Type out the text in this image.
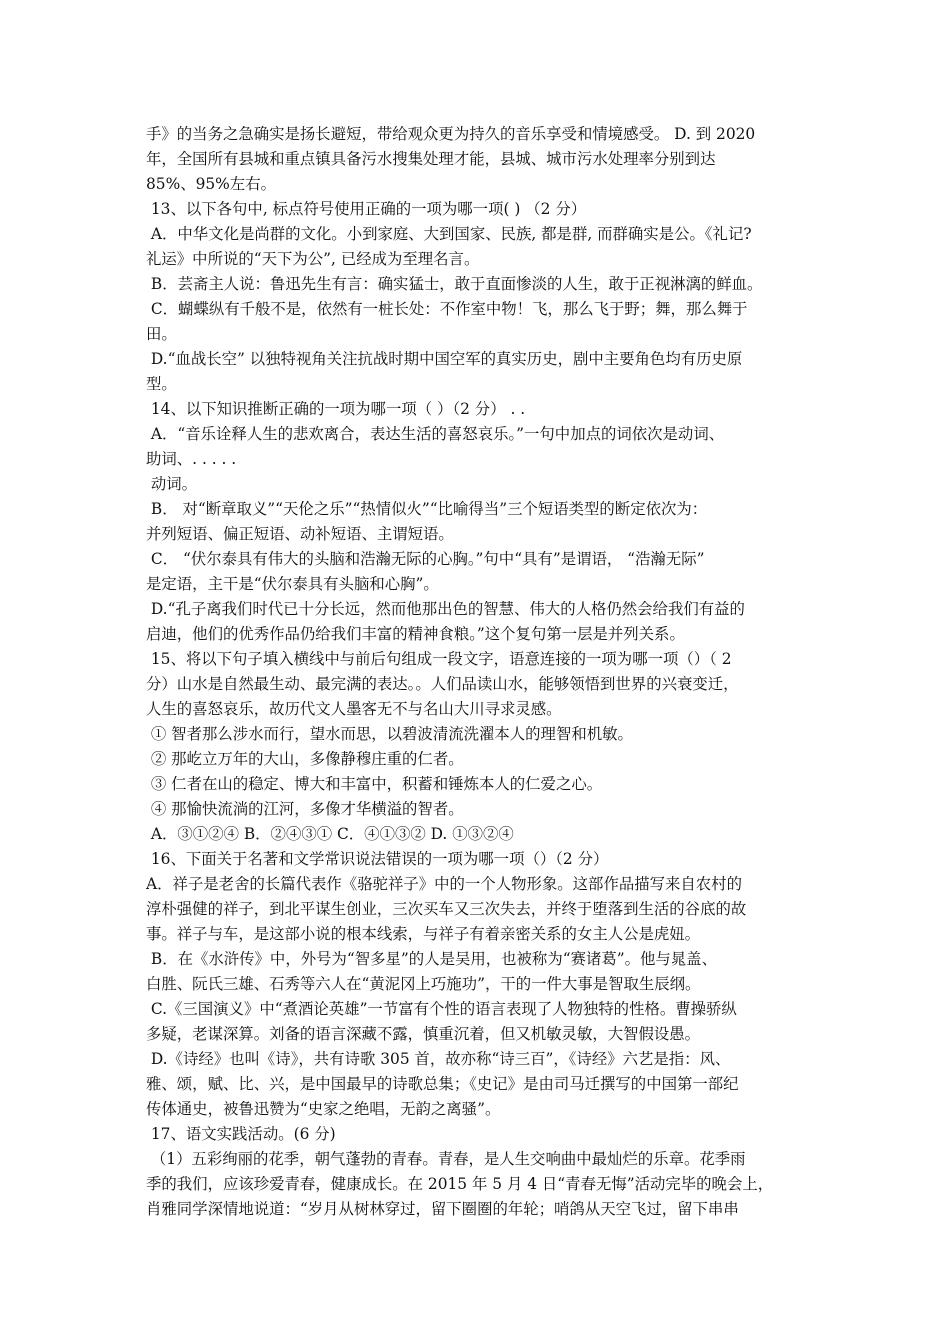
手》的当务之急确实是扬长避短，带给观众更为持久的音乐享受和情境感受。 D. 到 2020
年，全国所有县城和重点镇具备污水搜集处理才能，县城、城市污水处理率分别到达
85%、95%左右。
13、以下各句中, 标点符号使用正确的一项为哪一项( ) （2 分）
A．中华文化是尚群的文化。小到家庭、大到国家、民族, 都是群, 而群确实是公。《礼记?
礼运》中所说的“天下为公”, 已经成为至理名言。
B．芸斋主人说：鲁迅先生有言：确实猛士，敢于直面惨淡的人生，敢于正视淋漓的鲜血。
C．蝴蝶纵有千般不是，依然有一桩长处：不作室中物！飞，那么飞于野；舞，那么舞于
田。
D.“血战长空” 以独特视角关注抗战时期中国空军的真实历史，剧中主要角色均有历史原
型。
14、以下知识推断正确的一项为哪一项（ ）（2 分） . .
A．“音乐诠释人生的悲欢离合，表达生活的喜怒哀乐。”一句中加点的词依次是动词、
助词、. . . . .
动词。
B． 对“断章取义”“天伦之乐”“热情似火”“比喻得当”三个短语类型的断定依次为：
并列短语、偏正短语、动补短语、主谓短语。
C． “伏尔泰具有伟大的头脑和浩瀚无际的心胸。”句中“具有”是谓语， “浩瀚无际”
是定语，主干是“伏尔泰具有头脑和心胸”。
D.“孔子离我们时代已十分长远，然而他那出色的智慧、伟大的人格仍然会给我们有益的
启迪，他们的优秀作品仍给我们丰富的精神食粮。”这个复句第一层是并列关系。
15、将以下句子填入横线中与前后句组成一段文字，语意连接的一项为哪一项（）（ 2
分）山水是自然最生动、最完满的表达。。人们品读山水，能够领悟到世界的兴衰变迁，
人生的喜怒哀乐，故历代文人墨客无不与名山大川寻求灵感。
① 智者那么涉水而行，望水而思，以碧波清流洗濯本人的理智和机敏。
② 那屹立万年的大山，多像静穆庄重的仁者。
③ 仁者在山的稳定、博大和丰富中，积蓄和锤炼本人的仁爱之心。
④ 那愉快流淌的江河，多像才华横溢的智者。
A．③①②④ B．②④③① C．④①③② D. ①③②④
16、下面关于名著和文学常识说法错误的一项为哪一项（）（2 分）
A．祥子是老舍的长篇代表作《骆驼祥子》中的一个人物形象。这部作品描写来自农村的
淳朴强健的祥子，到北平谋生创业，三次买车又三次失去，并终于堕落到生活的谷底的故
事。祥子与车，是这部小说的根本线索，与祥子有着亲密关系的女主人公是虎妞。
B．在《水浒传》中，外号为“智多星”的人是吴用，也被称为“赛诸葛”。他与晁盖、
白胜、阮氏三雄、石秀等六人在“黄泥冈上巧施功”，干的一件大事是智取生辰纲。
C.《三国演义》中“煮酒论英雄”一节富有个性的语言表现了人物独特的性格。曹操骄纵
多疑，老谋深算。刘备的语言深藏不露，慎重沉着，但又机敏灵敏，大智假设愚。
D.《诗经》也叫《诗》，共有诗歌 305 首，故亦称“诗三百”，《诗经》六艺是指：风、
雅、颂，赋、比、兴，是中国最早的诗歌总集；《史记》是由司马迁撰写的中国第一部纪
传体通史，被鲁迅赞为“史家之绝唱，无韵之离骚”。
17、语文实践活动。(6 分)
（1）五彩绚丽的花季，朝气蓬勃的青春。青春，是人生交响曲中最灿烂的乐章。花季雨
季的我们，应该珍爱青春，健康成长。在 2015 年 5 月 4 日“青春无悔”活动完毕的晚会上，
肖雅同学深情地说道：“岁月从树林穿过，留下圈圈的年轮；哨鸽从天空飞过，留下串串
